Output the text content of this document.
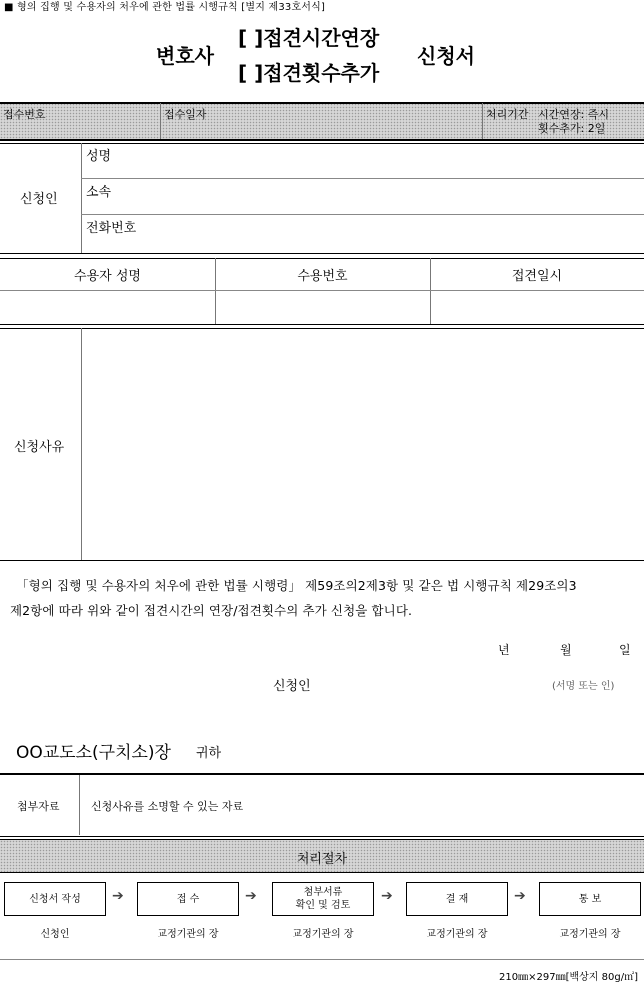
■ 형의 집행 및 수용자의 처우에 관한 법률 시행규칙 [별지 제33호서식]
변호사
[ ]접견시간연장
[ ]접견횟수추가
신청서
접수번호	접수일자	처리기간 시간연장: 즉시
횟수추가: 2일
신청인
성명
소속
전화번호
수용자 성명	수용번호	접견일시
신청사유
「형의 집행 및 수용자의 처우에 관한 법률 시행령」 제59조의2제3항 및 같은 법 시행규칙 제29조의3
제2항에 따라 위와 같이 접견시간의 연장/접견횟수의 추가 신청을 합니다.
년	월	일
신청인	(서명 또는 인)
OO교도소(구치소)장 귀하
첨부자료	신청사유를 소명할 수 있는 자료
처리절차
신청서 작성 ➔	접 수	➔	첨부서류
확인 및 검토
➔	결 재	➔	통 보
신청인	교정기관의 장	교정기관의 장	교정기관의 장	교정기관의 장
210㎜×297㎜[백상지 80g/㎡]
